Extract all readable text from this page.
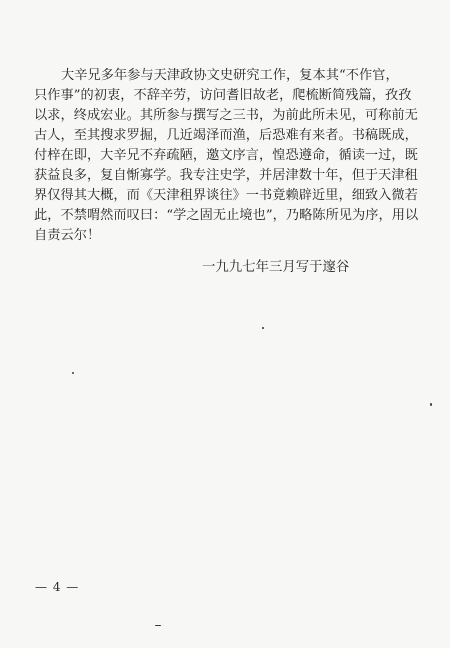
大辛兄多年参与天津政协文史研究工作，复本其“不作官，
只作事”的初衷，不辞辛劳，访问耆旧故老，爬梳断简残篇，孜孜
以求，终成宏业。其所参与撰写之三书，为前此所未见，可称前无
古人，至其搜求罗掘，几近竭泽而渔，后恐难有来者。书稿既成，
付梓在即，大辛兄不弃疏陋，邀文序言，惶恐遵命，循读一过，既
获益良多，复自惭寡学。我专注史学，并居津数十年，但于天津租
界仅得其大概，而《天津租界谈往》一书竟赖辟近里，细致入微若
此，不禁喟然而叹曰：“学之固无止境也”，乃略陈所见为序，用以
自责云尔！
一九九七年三月写于邃谷
— 4 —
